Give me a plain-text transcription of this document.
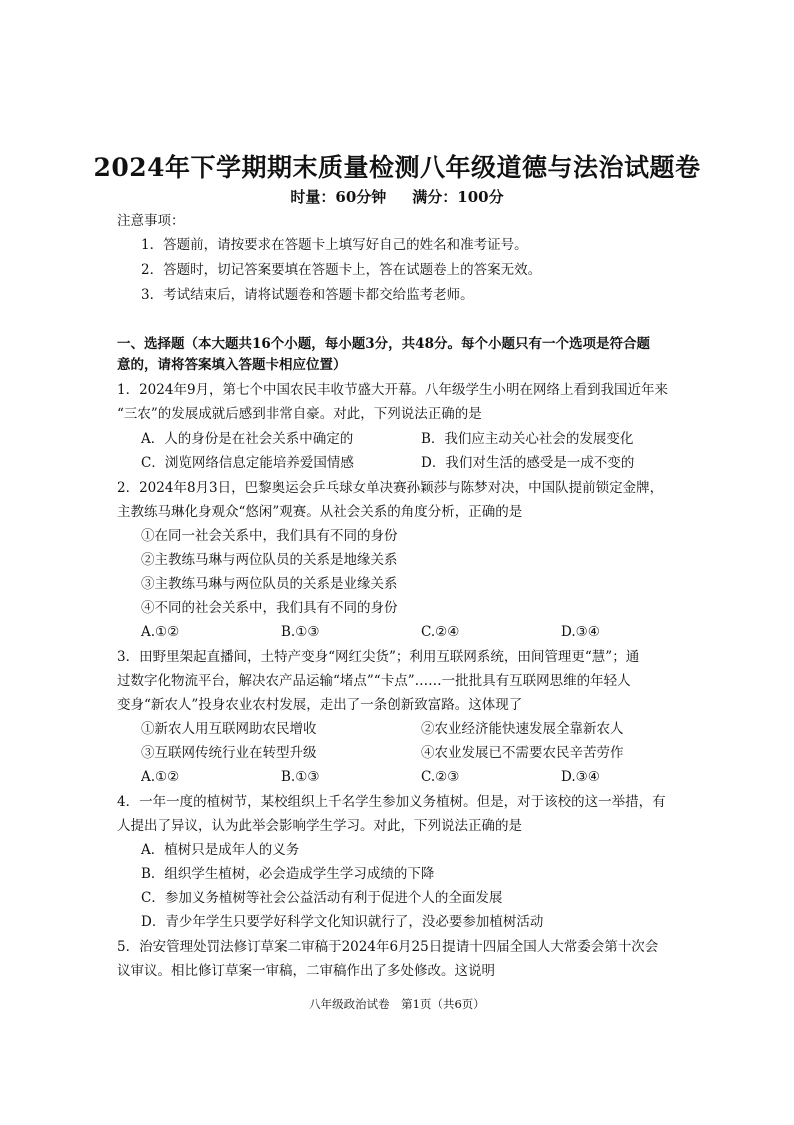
2024年下学期期末质量检测八年级道德与法治试题卷
时量：60分钟 满分：100分
注意事项：
1．答题前，请按要求在答题卡上填写好自己的姓名和准考证号。
2．答题时，切记答案要填在答题卡上，答在试题卷上的答案无效。
3．考试结束后，请将试题卷和答题卡都交给监考老师。
一、选择题（本大题共16个小题，每小题3分，共48分。每个小题只有一个选项是符合题
意的，请将答案填入答题卡相应位置）
1．2024年9月，第七个中国农民丰收节盛大开幕。八年级学生小明在网络上看到我国近年来
“三农”的发展成就后感到非常自豪。对此，下列说法正确的是
A．人的身份是在社会关系中确定的	B．我们应主动关心社会的发展变化
C．浏览网络信息定能培养爱国情感	D．我们对生活的感受是一成不变的
2．2024年8月3日，巴黎奥运会乒乓球女单决赛孙颖莎与陈梦对决，中国队提前锁定金牌，
主教练马琳化身观众“悠闲”观赛。从社会关系的角度分析，正确的是
①在同一社会关系中，我们具有不同的身份
②主教练马琳与两位队员的关系是地缘关系
③主教练马琳与两位队员的关系是业缘关系
④不同的社会关系中，我们具有不同的身份
A.①②	B.①③	C.②④	D.③④
3．田野里架起直播间，土特产变身“网红尖货”；利用互联网系统，田间管理更“慧”；通
过数字化物流平台，解决农产品运输“堵点”“卡点”……一批批具有互联网思维的年轻人
变身“新农人”投身农业农村发展，走出了一条创新致富路。这体现了
①新农人用互联网助农民增收	②农业经济能快速发展全靠新农人
③互联网传统行业在转型升级	④农业发展已不需要农民辛苦劳作
A.①②	B.①③	C.②③	D.③④
4．一年一度的植树节，某校组织上千名学生参加义务植树。但是，对于该校的这一举措，有
人提出了异议，认为此举会影响学生学习。对此，下列说法正确的是
A．植树只是成年人的义务
B．组织学生植树，必会造成学生学习成绩的下降
C．参加义务植树等社会公益活动有利于促进个人的全面发展
D．青少年学生只要学好科学文化知识就行了，没必要参加植树活动
5．治安管理处罚法修订草案二审稿于2024年6月25日提请十四届全国人大常委会第十次会
议审议。相比修订草案一审稿，二审稿作出了多处修改。这说明
八年级政治试卷　第1页（共6页）
